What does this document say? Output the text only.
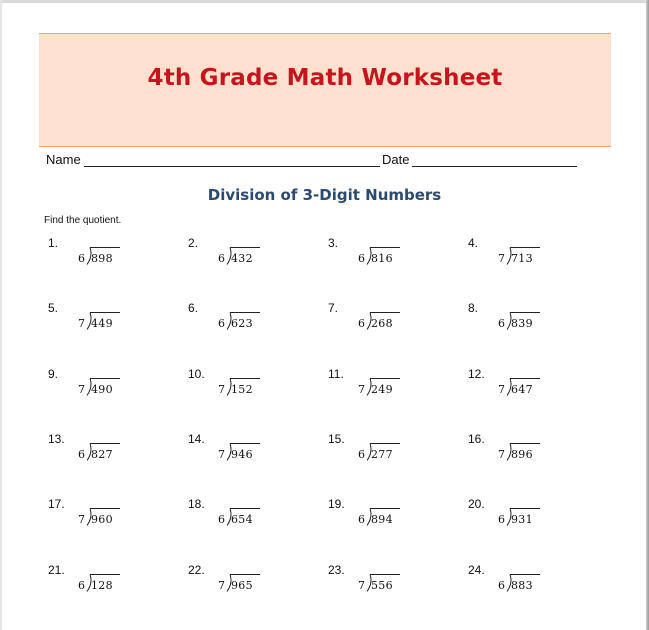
4th Grade Math Worksheet
Name	Date
Division of 3-Digit Numbers
Find the quotient.
1.
6 898
2.
6 432
3.
6 816
4.
7 713
5.
7 449
6.
6 623
7.
6 268
8.
6 839
9.
7 490
10.
7 152
11.
7 249
12.
7 647
13.
6 827
14.
7 946
15.
6 277
16.
7 896
17.
7 960
18.
6 654
19.
6 894
20.
6 931
21.
6 128
22.
7 965
23.
7 556
24.
6 883
